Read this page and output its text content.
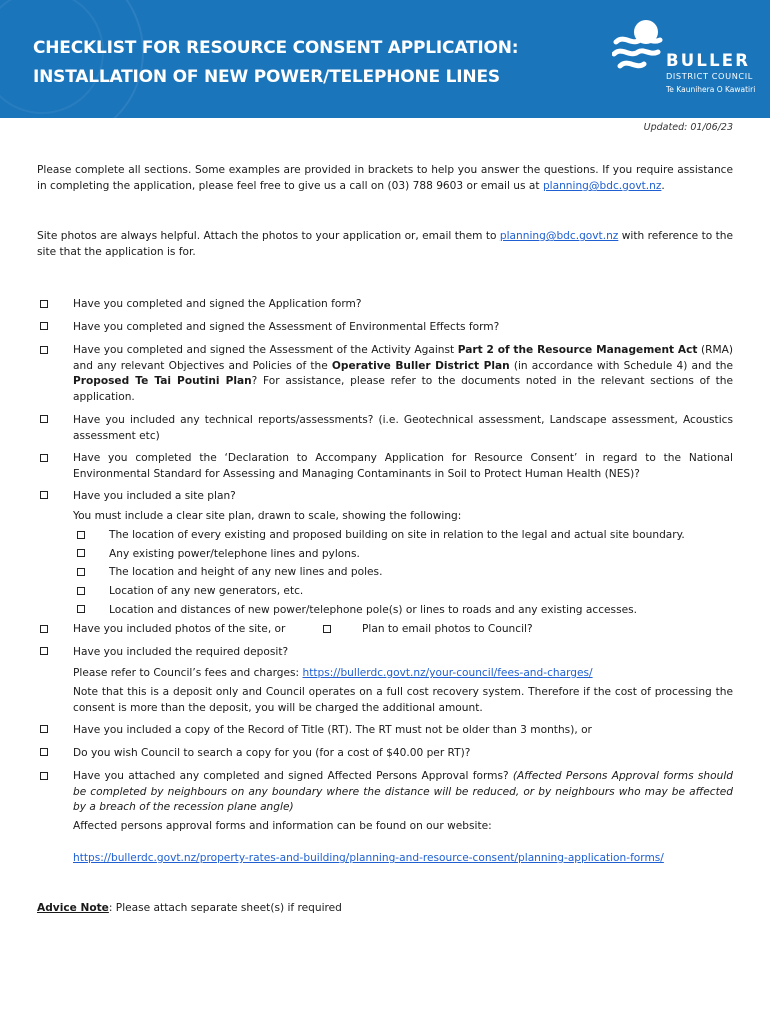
CHECKLIST FOR RESOURCE CONSENT APPLICATION:
INSTALLATION OF NEW POWER/TELEPHONE LINES
BULLER
DISTRICT COUNCIL
Te Kaunihera O Kawatiri
Updated: 01/06/23

Please complete all sections. Some examples are provided in brackets to help you answer the questions. If you require assistance in completing the application, please feel free to give us a call on (03) 788 9603 or email us at planning@bdc.govt.nz.

Site photos are always helpful. Attach the photos to your application or, email them to planning@bdc.govt.nz with reference to the site that the application is for.

Have you completed and signed the Application form?

Have you completed and signed the Assessment of Environmental Effects form?

Have you completed and signed the Assessment of the Activity Against Part 2 of the Resource Management Act (RMA) and any relevant Objectives and Policies of the Operative Buller District Plan (in accordance with Schedule 4) and the Proposed Te Tai Poutini Plan? For assistance, please refer to the documents noted in the relevant sections of the application.

Have you included any technical reports/assessments? (i.e. Geotechnical assessment, Landscape assessment, Acoustics assessment etc)

Have you completed the ‘Declaration to Accompany Application for Resource Consent’ in regard to the National Environmental Standard for Assessing and Managing Contaminants in Soil to Protect Human Health (NES)?

Have you included a site plan?

You must include a clear site plan, drawn to scale, showing the following:

The location of every existing and proposed building on site in relation to the legal and actual site boundary.

Any existing power/telephone lines and pylons.

The location and height of any new lines and poles.

Location of any new generators, etc.

Location and distances of new power/telephone pole(s) or lines to roads and any existing accesses.

Have you included photos of the site, or	Plan to email photos to Council?

Have you included the required deposit?

Please refer to Council’s fees and charges: https://bullerdc.govt.nz/your-council/fees-and-charges/

Note that this is a deposit only and Council operates on a full cost recovery system. Therefore if the cost of processing the consent is more than the deposit, you will be charged the additional amount.

Have you included a copy of the Record of Title (RT). The RT must not be older than 3 months), or

Do you wish Council to search a copy for you (for a cost of $40.00 per RT)?

Have you attached any completed and signed Affected Persons Approval forms? (Affected Persons Approval forms should be completed by neighbours on any boundary where the distance will be reduced, or by neighbours who may be affected by a breach of the recession plane angle)

Affected persons approval forms and information can be found on our website:

https://bullerdc.govt.nz/property-rates-and-building/planning-and-resource-consent/planning-application-forms/

Advice Note: Please attach separate sheet(s) if required
